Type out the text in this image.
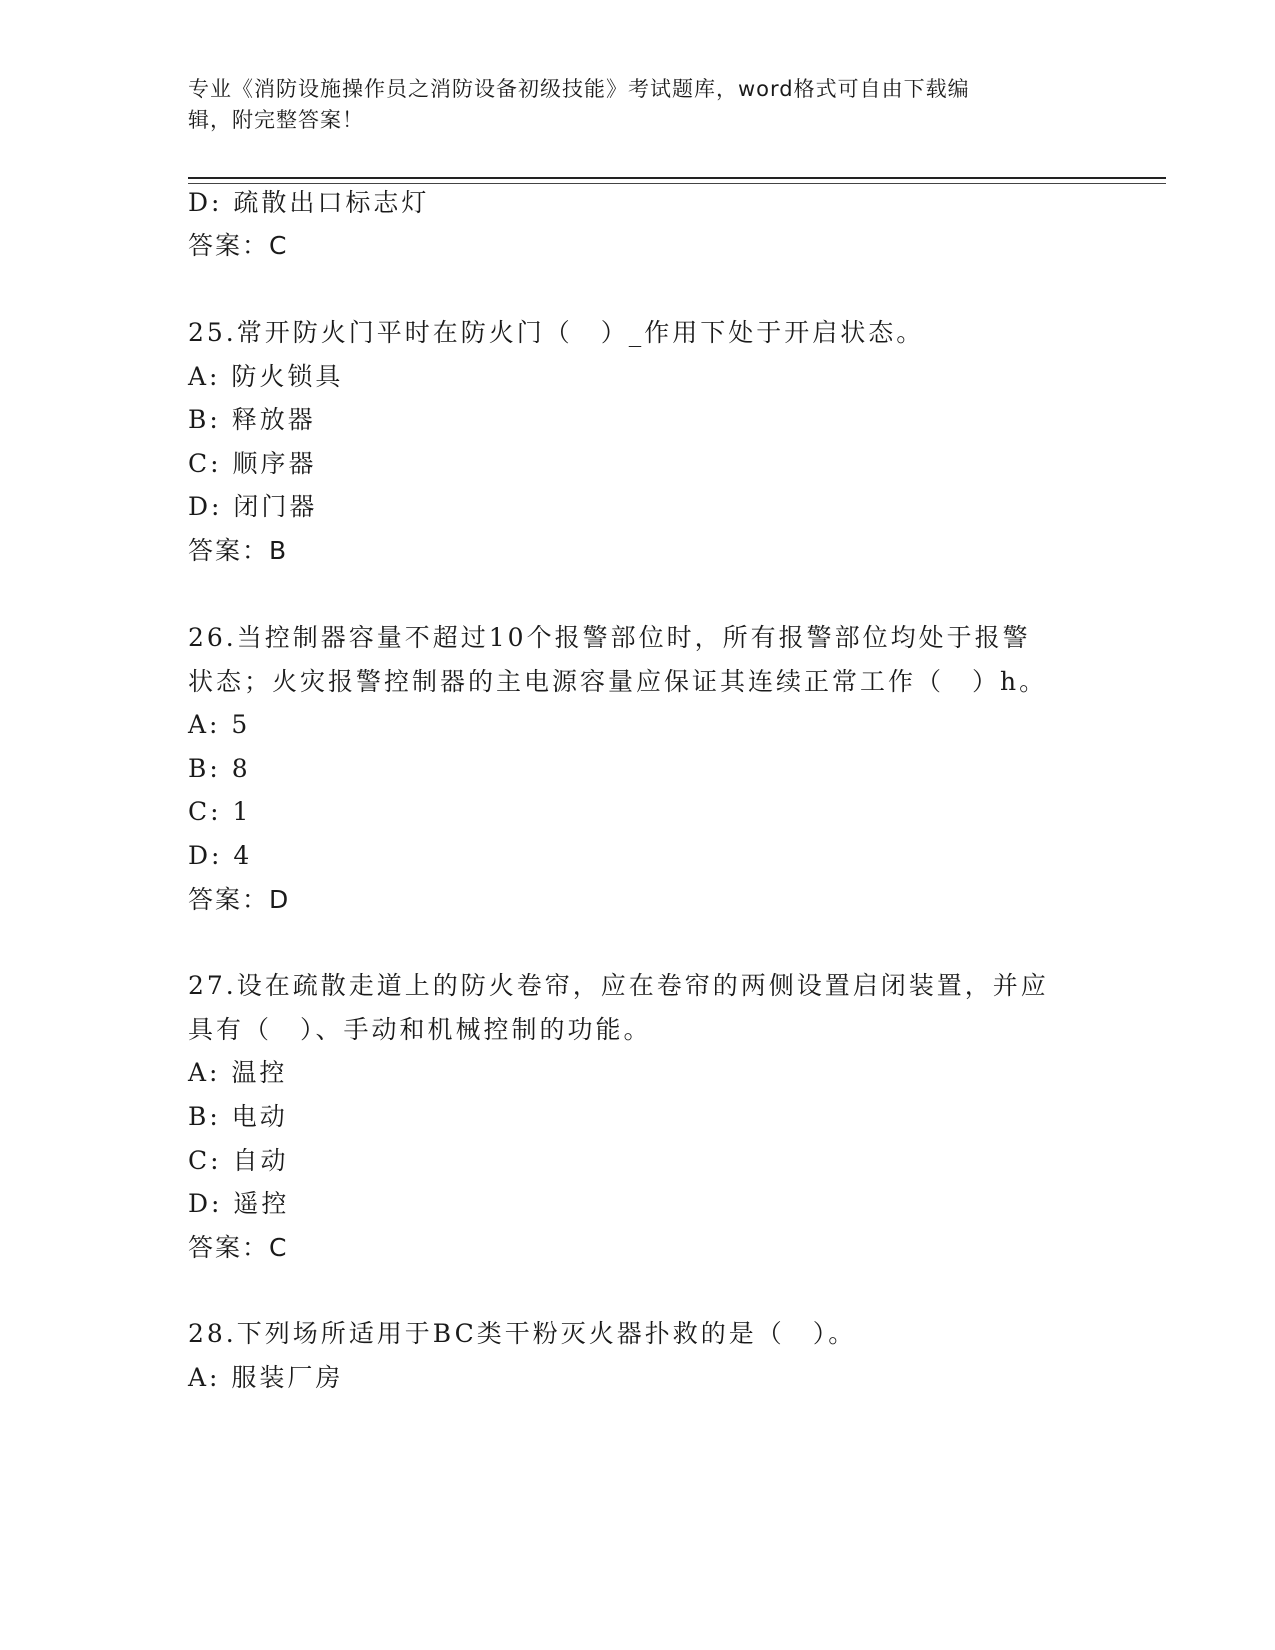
专业《消防设施操作员之消防设备初级技能》考试题库，word格式可自由下载编
辑，附完整答案！
D: 疏散出口标志灯
答案：C
25.常开防火门平时在防火门（　）_作用下处于开启状态。
A: 防火锁具
B: 释放器
C: 顺序器
D: 闭门器
答案：B
26.当控制器容量不超过10个报警部位时，所有报警部位均处于报警
状态；火灾报警控制器的主电源容量应保证其连续正常工作（　）h。
A: 5
B: 8
C: 1
D: 4
答案：D
27.设在疏散走道上的防火卷帘，应在卷帘的两侧设置启闭装置，并应
具有（　）、手动和机械控制的功能。
A: 温控
B: 电动
C: 自动
D: 遥控
答案：C
28.下列场所适用于BC类干粉灭火器扑救的是（　）。
A: 服装厂房
